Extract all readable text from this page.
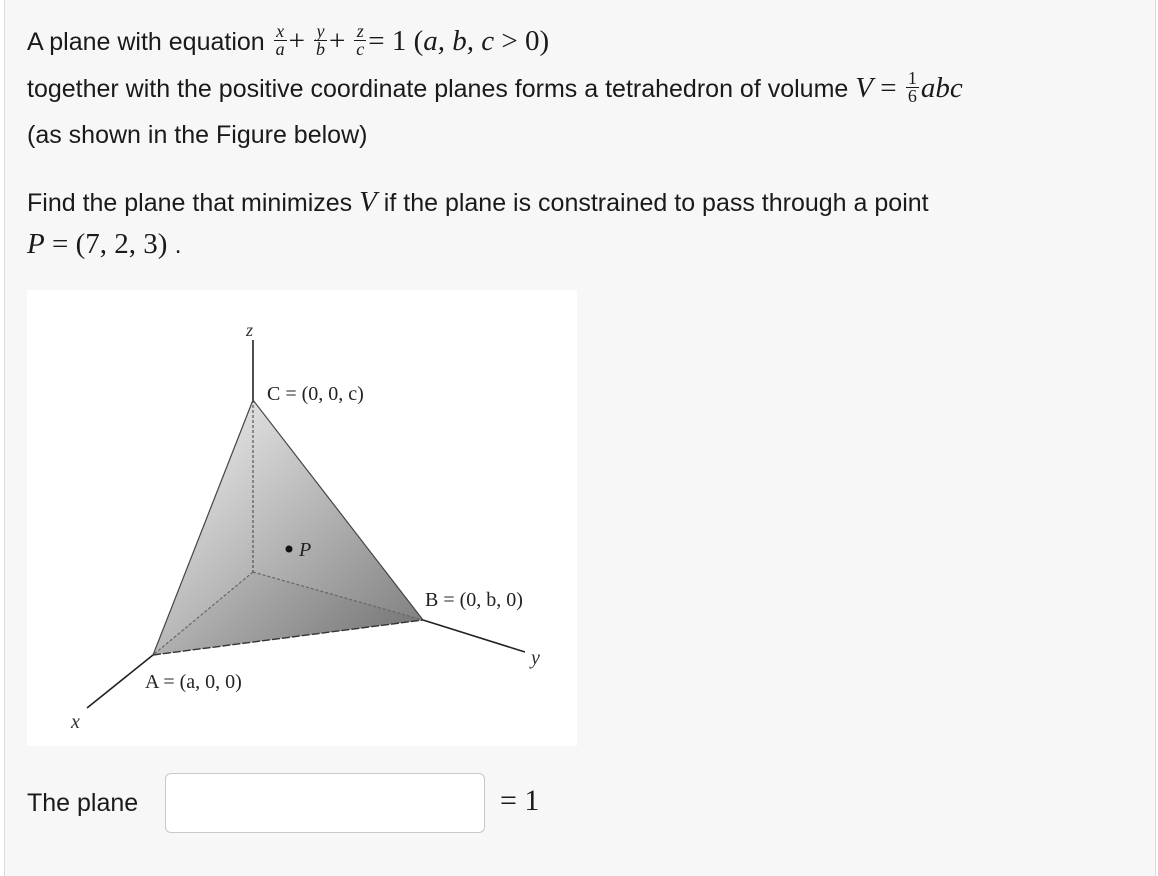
A plane with equation $\frac{x}{a} + \frac{y}{b} + \frac{z}{c} = 1$ (a, b, c > 0)
together with the positive coordinate planes forms a tetrahedron of volume $V = \frac{1}{6}$ abc
(as shown in the Figure below)
Find the plane that minimizes V if the plane is constrained to pass through a point
P = (7, 2, 3) .
P
z
y
x
C = (0, 0, c)
B = (0, b, 0)
A = (a, 0, 0)
The plane	= 1
